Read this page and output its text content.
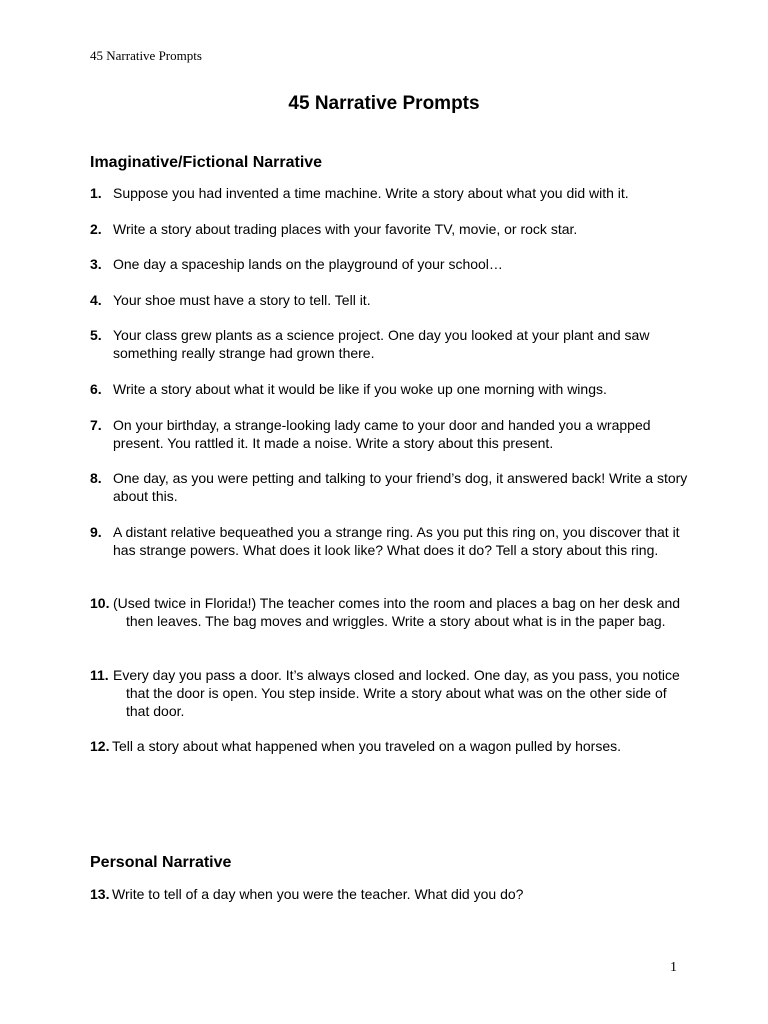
45 Narrative Prompts
45 Narrative Prompts
Imaginative/Fictional Narrative
1. Suppose you had invented a time machine. Write a story about what you did with it.
2. Write a story about trading places with your favorite TV, movie, or rock star.
3. One day a spaceship lands on the playground of your school…
4. Your shoe must have a story to tell. Tell it.
5. Your class grew plants as a science project. One day you looked at your plant and saw something really strange had grown there.
6. Write a story about what it would be like if you woke up one morning with wings.
7. On your birthday, a strange-looking lady came to your door and handed you a wrapped present. You rattled it. It made a noise. Write a story about this present.
8. One day, as you were petting and talking to your friend’s dog, it answered back! Write a story about this.
9. A distant relative bequeathed you a strange ring. As you put this ring on, you discover that it has strange powers. What does it look like? What does it do? Tell a story about this ring.
10. (Used twice in Florida!) The teacher comes into the room and places a bag on her desk and then leaves. The bag moves and wriggles. Write a story about what is in the paper bag.
11. Every day you pass a door. It’s always closed and locked. One day, as you pass, you notice that the door is open. You step inside. Write a story about what was on the other side of that door.
12. Tell a story about what happened when you traveled on a wagon pulled by horses.
Personal Narrative
13. Write to tell of a day when you were the teacher. What did you do?
1
